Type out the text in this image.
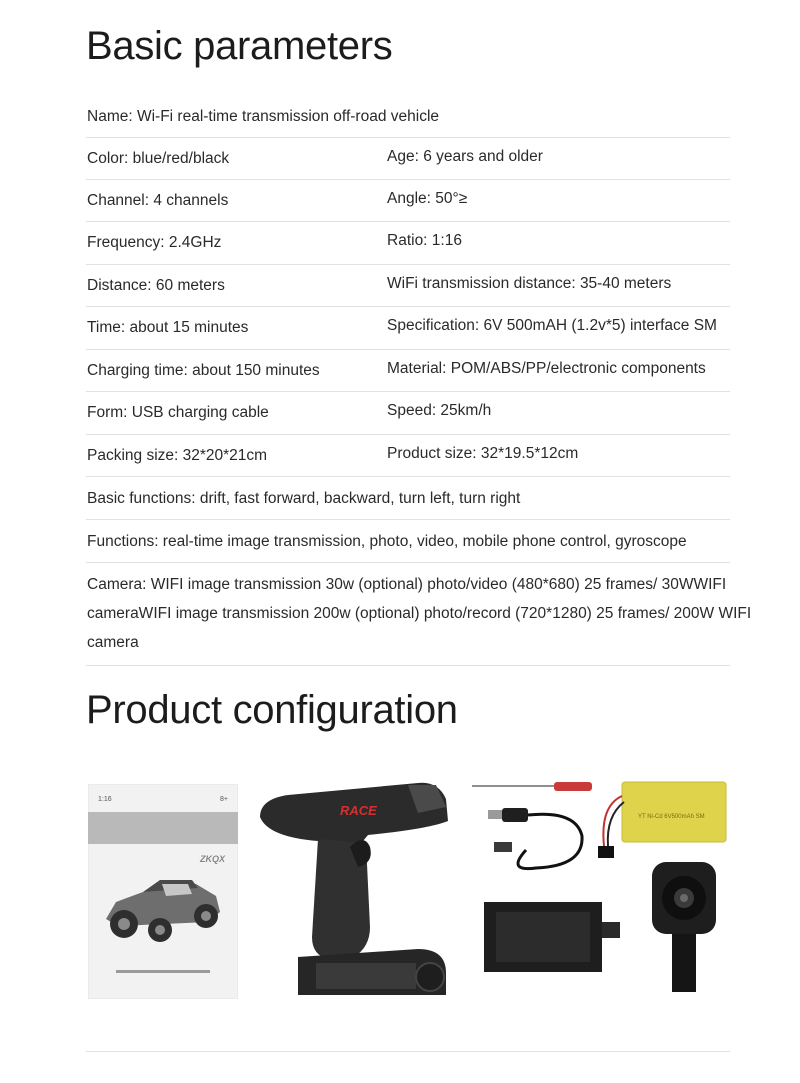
Basic parameters
Name: Wi-Fi real-time transmission off-road vehicle
Color: blue/red/black	Age: 6 years and older
Channel: 4 channels	Angle: 50°≥
Frequency: 2.4GHz	Ratio: 1:16
Distance: 60 meters	WiFi transmission distance: 35-40 meters
Time: about 15 minutes	Specification: 6V 500mAH (1.2v*5) interface SM
Charging time: about 150 minutes	Material: POM/ABS/PP/electronic components
Form: USB charging cable	Speed: 25km/h
Packing size: 32*20*21cm	Product size: 32*19.5*12cm
Basic functions: drift, fast forward, backward, turn left, turn right
Functions: real-time image transmission, photo, video, mobile phone control, gyroscope
Camera: WIFI image transmission 30w (optional) photo/video (480*680) 25 frames/ 30WWIFI cameraWIFI image transmission 200w (optional) photo/record (720*1280) 25 frames/ 200W WIFI camera
Product configuration
1:16	8+
ZKQX
RACE	YT Ni-Cd 6V500mAh SM
